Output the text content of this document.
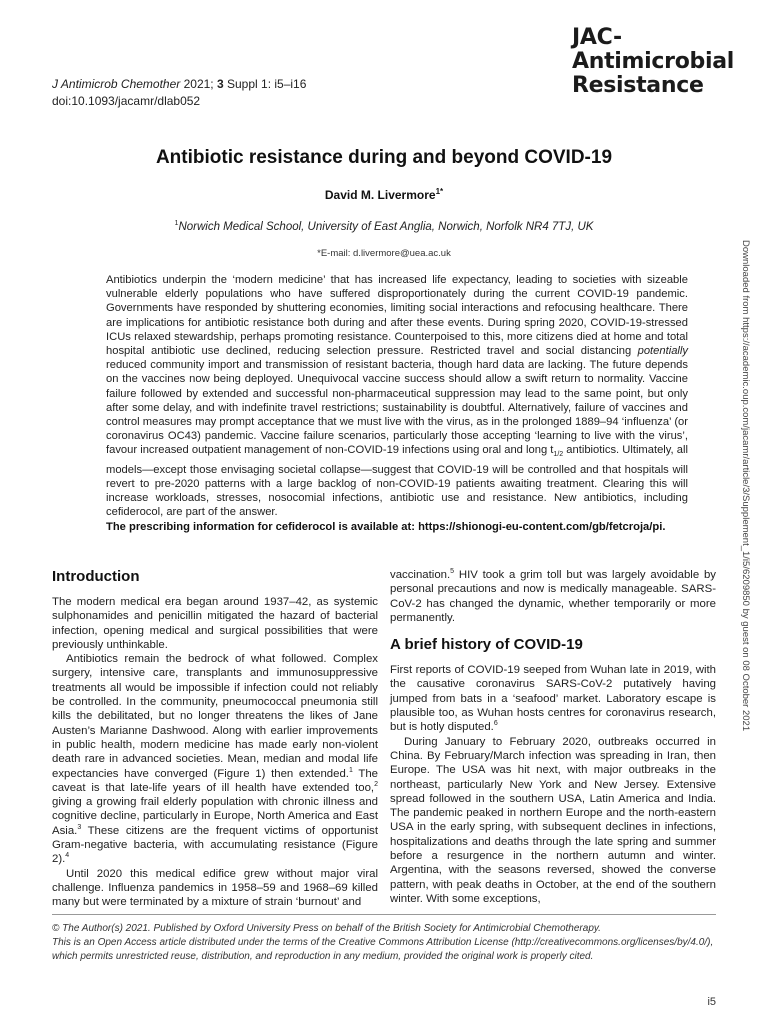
J Antimicrob Chemother 2021; 3 Suppl 1: i5–i16
doi:10.1093/jacamr/dlab052
JAC-
Antimicrobial
Resistance
Antibiotic resistance during and beyond COVID-19
David M. Livermore$^{1*}$
$^1$Norwich Medical School, University of East Anglia, Norwich, Norfolk NR4 7TJ, UK
*E-mail: d.livermore@uea.ac.uk

Antibiotics underpin the ‘modern medicine’ that has increased life expectancy, leading to societies with sizeable vulnerable elderly populations who have suffered disproportionately during the current COVID-19 pandemic. Governments have responded by shuttering economies, limiting social interactions and refocusing healthcare. There are implications for antibiotic resistance both during and after these events. During spring 2020, COVID-19-stressed ICUs relaxed stewardship, perhaps promoting resistance. Counterpoised to this, more citizens died at home and total hospital antibiotic use declined, reducing selection pressure. Restricted travel and social distancing potentially reduced community import and transmission of resistant bacteria, though hard data are lacking. The future depends on the vaccines now being deployed. Unequivocal vaccine success should allow a swift return to normality. Vaccine failure followed by extended and successful non-pharmaceutical suppression may lead to the same point, but only after some delay, and with indefinite travel restrictions; sustainability is doubtful. Alternatively, failure of vaccines and control measures may prompt acceptance that we must live with the virus, as in the prolonged 1889–94 ‘influenza’ (or coronavirus OC43) pandemic. Vaccine failure scenarios, particularly those accepting ‘learning to live with the virus’, favour increased outpatient management of non-COVID-19 infections using oral and long $t_{1/2}$ antibiotics. Ultimately, all models—except those envisaging societal collapse—suggest that COVID-19 will be controlled and that hospitals will revert to pre-2020 patterns with a large backlog of non-COVID-19 patients awaiting treatment. Clearing this will increase workloads, stresses, nosocomial infections, antibiotic use and resistance. New antibiotics, including cefiderocol, are part of the answer.

The prescribing information for cefiderocol is available at: https://shionogi-eu-content.com/gb/fetcroja/pi.	Downloaded from https://academic.oup.com/jacamr/article/3/Supplement_1/i5/6209850 by guest on 08 October 2021
Introduction

The modern medical era began around 1937–42, as systemic sulphonamides and penicillin mitigated the hazard of bacterial infection, opening medical and surgical possibilities that were previously unthinkable.

Antibiotics remain the bedrock of what followed. Complex surgery, intensive care, transplants and immunosuppressive treatments all would be impossible if infection could not reliably be controlled. In the community, pneumococcal pneumonia still kills the debilitated, but no longer threatens the likes of Jane Austen’s Marianne Dashwood. Along with earlier improvements in public health, modern medicine has made early non-violent death rare in advanced societies. Mean, median and modal life expectancies have converged (Figure 1) then extended.$^1$ The caveat is that late-life years of ill health have extended too,$^2$ giving a growing frail elderly population with chronic illness and cognitive decline, particularly in Europe, North America and East Asia.$^3$ These citizens are the frequent victims of opportunist Gram-negative bacteria, with accumulating resistance (Figure 2).$^4$

Until 2020 this medical edifice grew without major viral challenge. Influenza pandemics in 1958–59 and 1968–69 killed many but were terminated by a mixture of strain ‘burnout’ and

vaccination.$^5$ HIV took a grim toll but was largely avoidable by personal precautions and now is medically manageable. SARS-CoV-2 has changed the dynamic, whether temporarily or more permanently.

A brief history of COVID-19

First reports of COVID-19 seeped from Wuhan late in 2019, with the causative coronavirus SARS-CoV-2 putatively having jumped from bats in a ‘seafood’ market. Laboratory escape is plausible too, as Wuhan hosts centres for coronavirus research, but is hotly disputed.$^6$

During January to February 2020, outbreaks occurred in China. By February/March infection was spreading in Iran, then Europe. The USA was hit next, with major outbreaks in the northeast, particularly New York and New Jersey. Extensive spread followed in the southern USA, Latin America and India. The pandemic peaked in northern Europe and the north-eastern USA in the early spring, with subsequent declines in infections, hospitalizations and deaths through the late spring and summer before a resurgence in the northern autumn and winter. Argentina, with the seasons reversed, showed the converse pattern, with peak deaths in October, at the end of the southern winter. With some exceptions,

© The Author(s) 2021. Published by Oxford University Press on behalf of the British Society for Antimicrobial Chemotherapy.

This is an Open Access article distributed under the terms of the Creative Commons Attribution License (http://creativecommons.org/licenses/by/4.0/), which permits unrestricted reuse, distribution, and reproduction in any medium, provided the original work is properly cited.

i5
